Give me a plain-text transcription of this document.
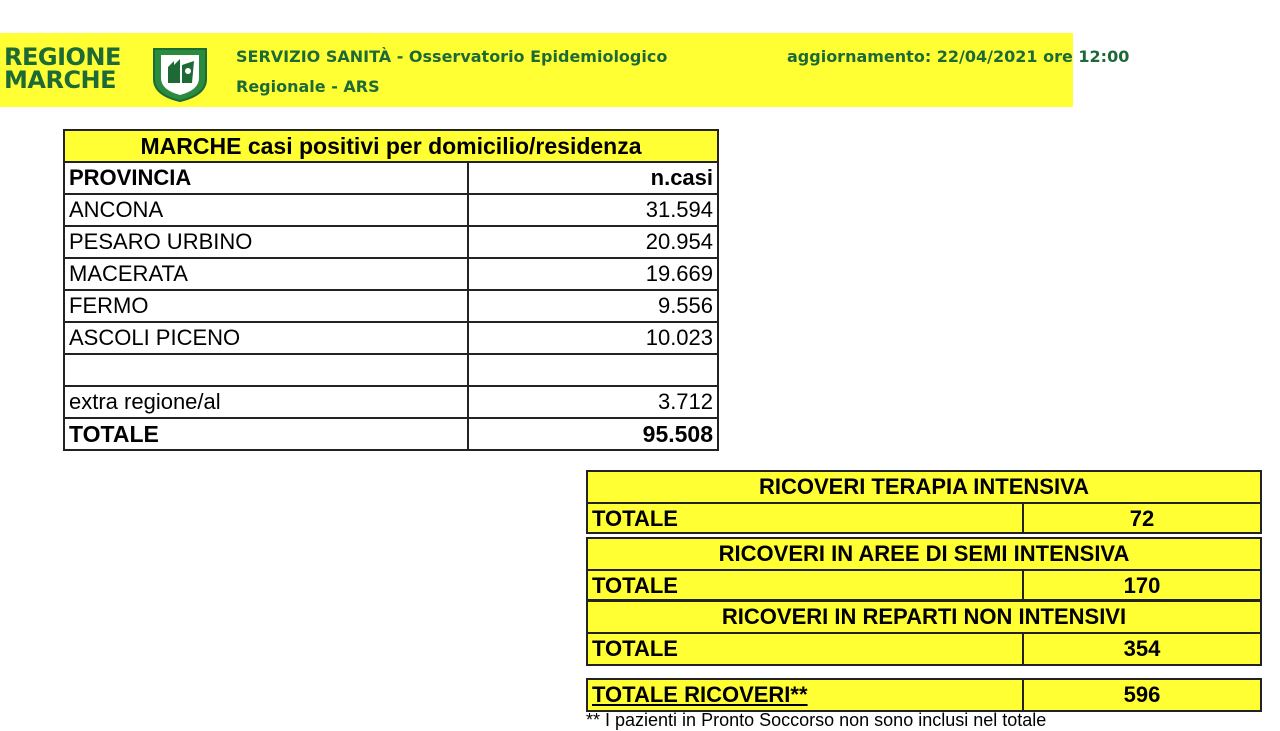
REGIONE
MARCHE
SERVIZIO SANITÀ - Osservatorio Epidemiologico
Regionale - ARS
aggiornamento: 22/04/2021 ore 12:00
MARCHE casi positivi per domicilio/residenza	
PROVINCIA	n.casi
ANCONA	31.594
PESARO URBINO	20.954
MACERATA	19.669
FERMO	9.556
ASCOLI PICENO	10.023

extra regione/al	3.712
TOTALE	95.508
RICOVERI TERAPIA INTENSIVA
TOTALE	72
RICOVERI IN AREE DI SEMI INTENSIVA
TOTALE	170
RICOVERI IN REPARTI NON INTENSIVI
TOTALE	354
TOTALE RICOVERI**	596
** I pazienti in Pronto Soccorso non sono inclusi nel totale
